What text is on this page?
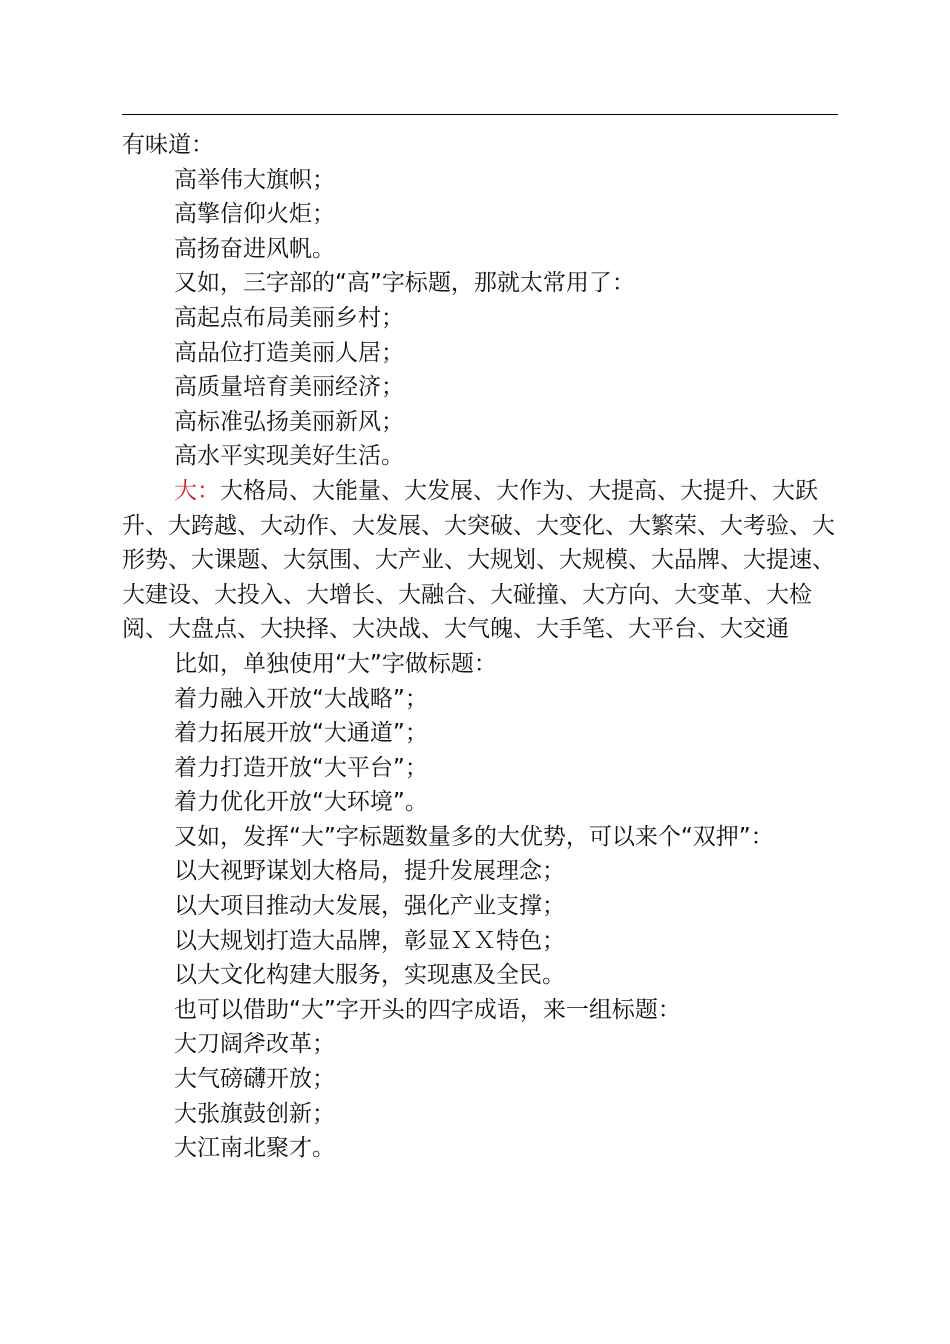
有味道：
高举伟大旗帜；
高擎信仰火炬；
高扬奋进风帆。
又如，三字部的“高”字标题，那就太常用了：
高起点布局美丽乡村；
高品位打造美丽人居；
高质量培育美丽经济；
高标准弘扬美丽新风；
高水平实现美好生活。
大：大格局、大能量、大发展、大作为、大提高、大提升、大跃升、大跨越、大动作、大发展、大突破、大变化、大繁荣、大考验、大形势、大课题、大氛围、大产业、大规划、大规模、大品牌、大提速、大建设、大投入、大增长、大融合、大碰撞、大方向、大变革、大检阅、大盘点、大抉择、大决战、大气魄、大手笔、大平台、大交通
比如，单独使用“大”字做标题：
着力融入开放“大战略”；
着力拓展开放“大通道”；
着力打造开放“大平台”；
着力优化开放“大环境”。
又如，发挥“大”字标题数量多的大优势，可以来个“双押”：
以大视野谋划大格局，提升发展理念；
以大项目推动大发展，强化产业支撑；
以大规划打造大品牌，彰显ＸＸ特色；
以大文化构建大服务，实现惠及全民。
也可以借助“大”字开头的四字成语，来一组标题：
大刀阔斧改革；
大气磅礴开放；
大张旗鼓创新；
大江南北聚才。
